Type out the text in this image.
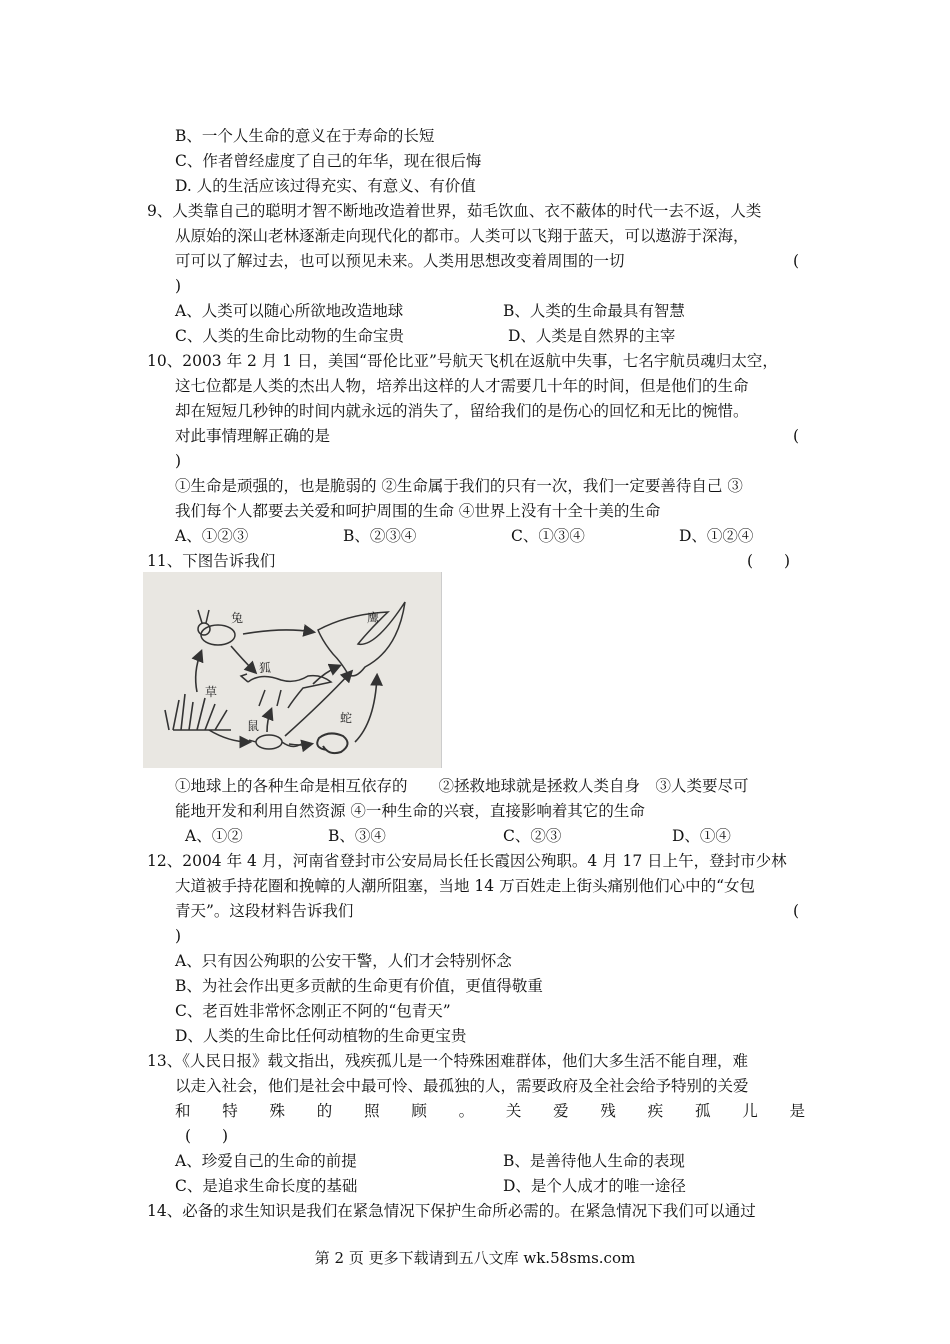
B、一个人生命的意义在于寿命的长短
C、作者曾经虚度了自己的年华，现在很后悔
D. 人的生活应该过得充实、有意义、有价值
9、人类靠自己的聪明才智不断地改造着世界，茹毛饮血、衣不蔽体的时代一去不返，人类
从原始的深山老林逐渐走向现代化的都市。人类可以飞翔于蓝天，可以遨游于深海，
可可以了解过去，也可以预见未来。人类用思想改变着周围的一切	(
)
A、人类可以随心所欲地改造地球	B、人类的生命最具有智慧
C、人类的生命比动物的生命宝贵	D、人类是自然界的主宰
10、2003 年 2 月 1 日，美国“哥伦比亚”号航天飞机在返航中失事，七名宇航员魂归太空，
这七位都是人类的杰出人物，培养出这样的人才需要几十年的时间，但是他们的生命
却在短短几秒钟的时间内就永远的消失了，留给我们的是伤心的回忆和无比的惋惜。
对此事情理解正确的是	(
)
①生命是顽强的，也是脆弱的 ②生命属于我们的只有一次，我们一定要善待自己 ③
我们每个人都要去关爱和呵护周围的生命 ④世界上没有十全十美的生命
A、①②③	B、②③④	C、①③④	D、①②④
11、下图告诉我们	(　　)
兔	鹰
狐
草
鼠
蛇
①地球上的各种生命是相互依存的　　②拯救地球就是拯救人类自身　③人类要尽可
能地开发和利用自然资源 ④一种生命的兴衰，直接影响着其它的生命
A、①②	B、③④	C、②③	D、①④
12、2004 年 4 月，河南省登封市公安局局长任长霞因公殉职。4 月 17 日上午，登封市少林
大道被手持花圈和挽幛的人潮所阻塞，当地 14 万百姓走上街头痛别他们心中的“女包
青天”。这段材料告诉我们	(
)
A、只有因公殉职的公安干警，人们才会特别怀念
B、为社会作出更多贡献的生命更有价值，更值得敬重
C、老百姓非常怀念刚正不阿的“包青天”
D、人类的生命比任何动植物的生命更宝贵
13、《人民日报》载文指出，残疾孤儿是一个特殊困难群体，他们大多生活不能自理，难
以走入社会，他们是社会中最可怜、最孤独的人，需要政府及全社会给予特别的关爱
和特殊的照顾。关爱残疾孤儿是
(　　)
A、珍爱自己的生命的前提	B、是善待他人生命的表现
C、是追求生命长度的基础	D、是个人成才的唯一途径
14、必备的求生知识是我们在紧急情况下保护生命所必需的。在紧急情况下我们可以通过
第 2 页 更多下载请到五八文库 wk.58sms.com
